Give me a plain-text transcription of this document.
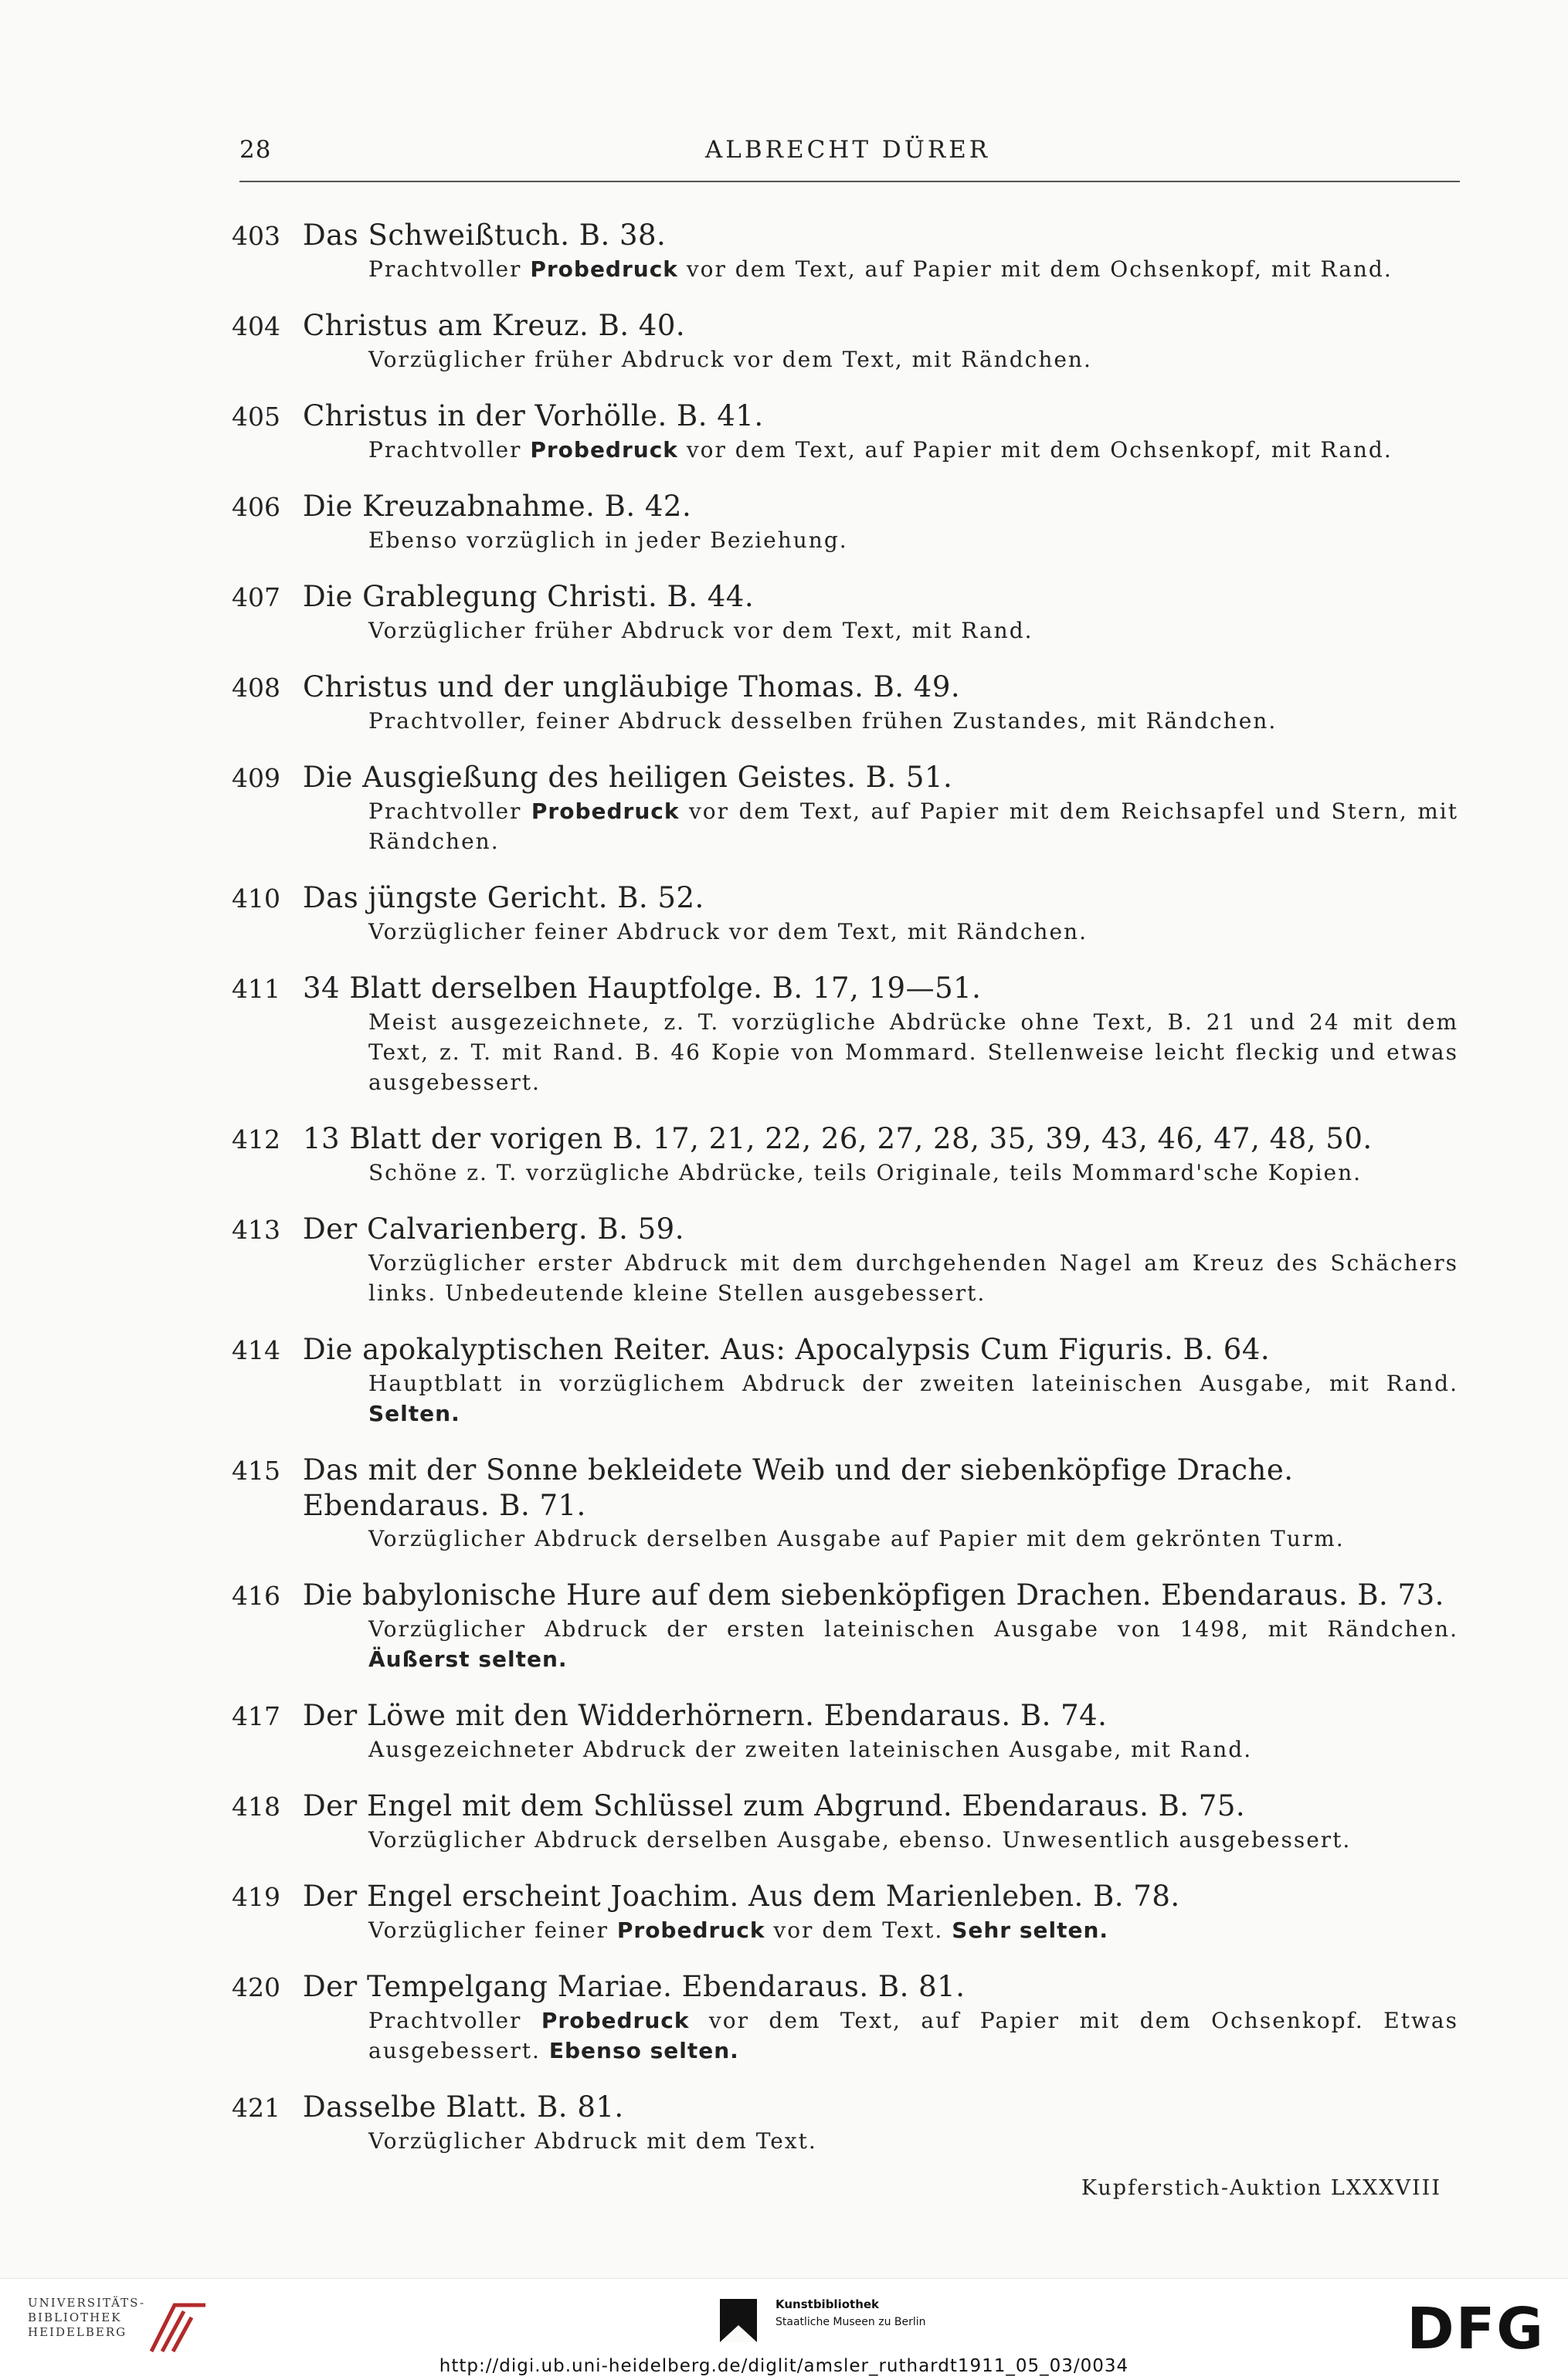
28	ALBRECHT DÜRER
403 Das Schweißtuch. B. 38.
Prachtvoller Probedruck vor dem Text, auf Papier mit dem Ochsenkopf, mit Rand.
404 Christus am Kreuz. B. 40.
Vorzüglicher früher Abdruck vor dem Text, mit Rändchen.
405 Christus in der Vorhölle. B. 41.
Prachtvoller Probedruck vor dem Text, auf Papier mit dem Ochsenkopf, mit Rand.
406 Die Kreuzabnahme. B. 42.
Ebenso vorzüglich in jeder Beziehung.
407 Die Grablegung Christi. B. 44.
Vorzüglicher früher Abdruck vor dem Text, mit Rand.
408 Christus und der ungläubige Thomas. B. 49.
Prachtvoller, feiner Abdruck desselben frühen Zustandes, mit Rändchen.
409 Die Ausgießung des heiligen Geistes. B. 51.
Prachtvoller Probedruck vor dem Text, auf Papier mit dem Reichsapfel und Stern, mit Rändchen.
410 Das jüngste Gericht. B. 52.
Vorzüglicher feiner Abdruck vor dem Text, mit Rändchen.
411 34 Blatt derselben Hauptfolge. B. 17, 19—51.
Meist ausgezeichnete, z. T. vorzügliche Abdrücke ohne Text, B. 21 und 24 mit dem Text, z. T. mit Rand. B. 46 Kopie von Mommard. Stellenweise leicht fleckig und etwas ausgebessert.
412 13 Blatt der vorigen B. 17, 21, 22, 26, 27, 28, 35, 39, 43, 46, 47, 48, 50.
Schöne z. T. vorzügliche Abdrücke, teils Originale, teils Mommard'sche Kopien.
413 Der Calvarienberg. B. 59.
Vorzüglicher erster Abdruck mit dem durchgehenden Nagel am Kreuz des Schächers links. Unbedeutende kleine Stellen ausgebessert.
414 Die apokalyptischen Reiter. Aus: Apocalypsis Cum Figuris. B. 64.
Hauptblatt in vorzüglichem Abdruck der zweiten lateinischen Ausgabe, mit Rand. Selten.
415 Das mit der Sonne bekleidete Weib und der siebenköpfige Drache. Ebendaraus. B. 71.
Vorzüglicher Abdruck derselben Ausgabe auf Papier mit dem gekrönten Turm.
416 Die babylonische Hure auf dem siebenköpfigen Drachen. Ebendaraus. B. 73.
Vorzüglicher Abdruck der ersten lateinischen Ausgabe von 1498, mit Rändchen. Äußerst selten.
417 Der Löwe mit den Widderhörnern. Ebendaraus. B. 74.
Ausgezeichneter Abdruck der zweiten lateinischen Ausgabe, mit Rand.
418 Der Engel mit dem Schlüssel zum Abgrund. Ebendaraus. B. 75.
Vorzüglicher Abdruck derselben Ausgabe, ebenso. Unwesentlich ausgebessert.
419 Der Engel erscheint Joachim. Aus dem Marienleben. B. 78.
Vorzüglicher feiner Probedruck vor dem Text. Sehr selten.
420 Der Tempelgang Mariae. Ebendaraus. B. 81.
Prachtvoller Probedruck vor dem Text, auf Papier mit dem Ochsenkopf. Etwas ausgebessert. Ebenso selten.
421 Dasselbe Blatt. B. 81.
Vorzüglicher Abdruck mit dem Text.
Kupferstich-Auktion LXXXVIII
UNIVERSITÄTS-
BIBLIOTHEK
HEIDELBERG
Kunstbibliothek
Staatliche Museen zu Berlin	DFG
http://digi.ub.uni-heidelberg.de/diglit/amsler_ruthardt1911_05_03/0034
